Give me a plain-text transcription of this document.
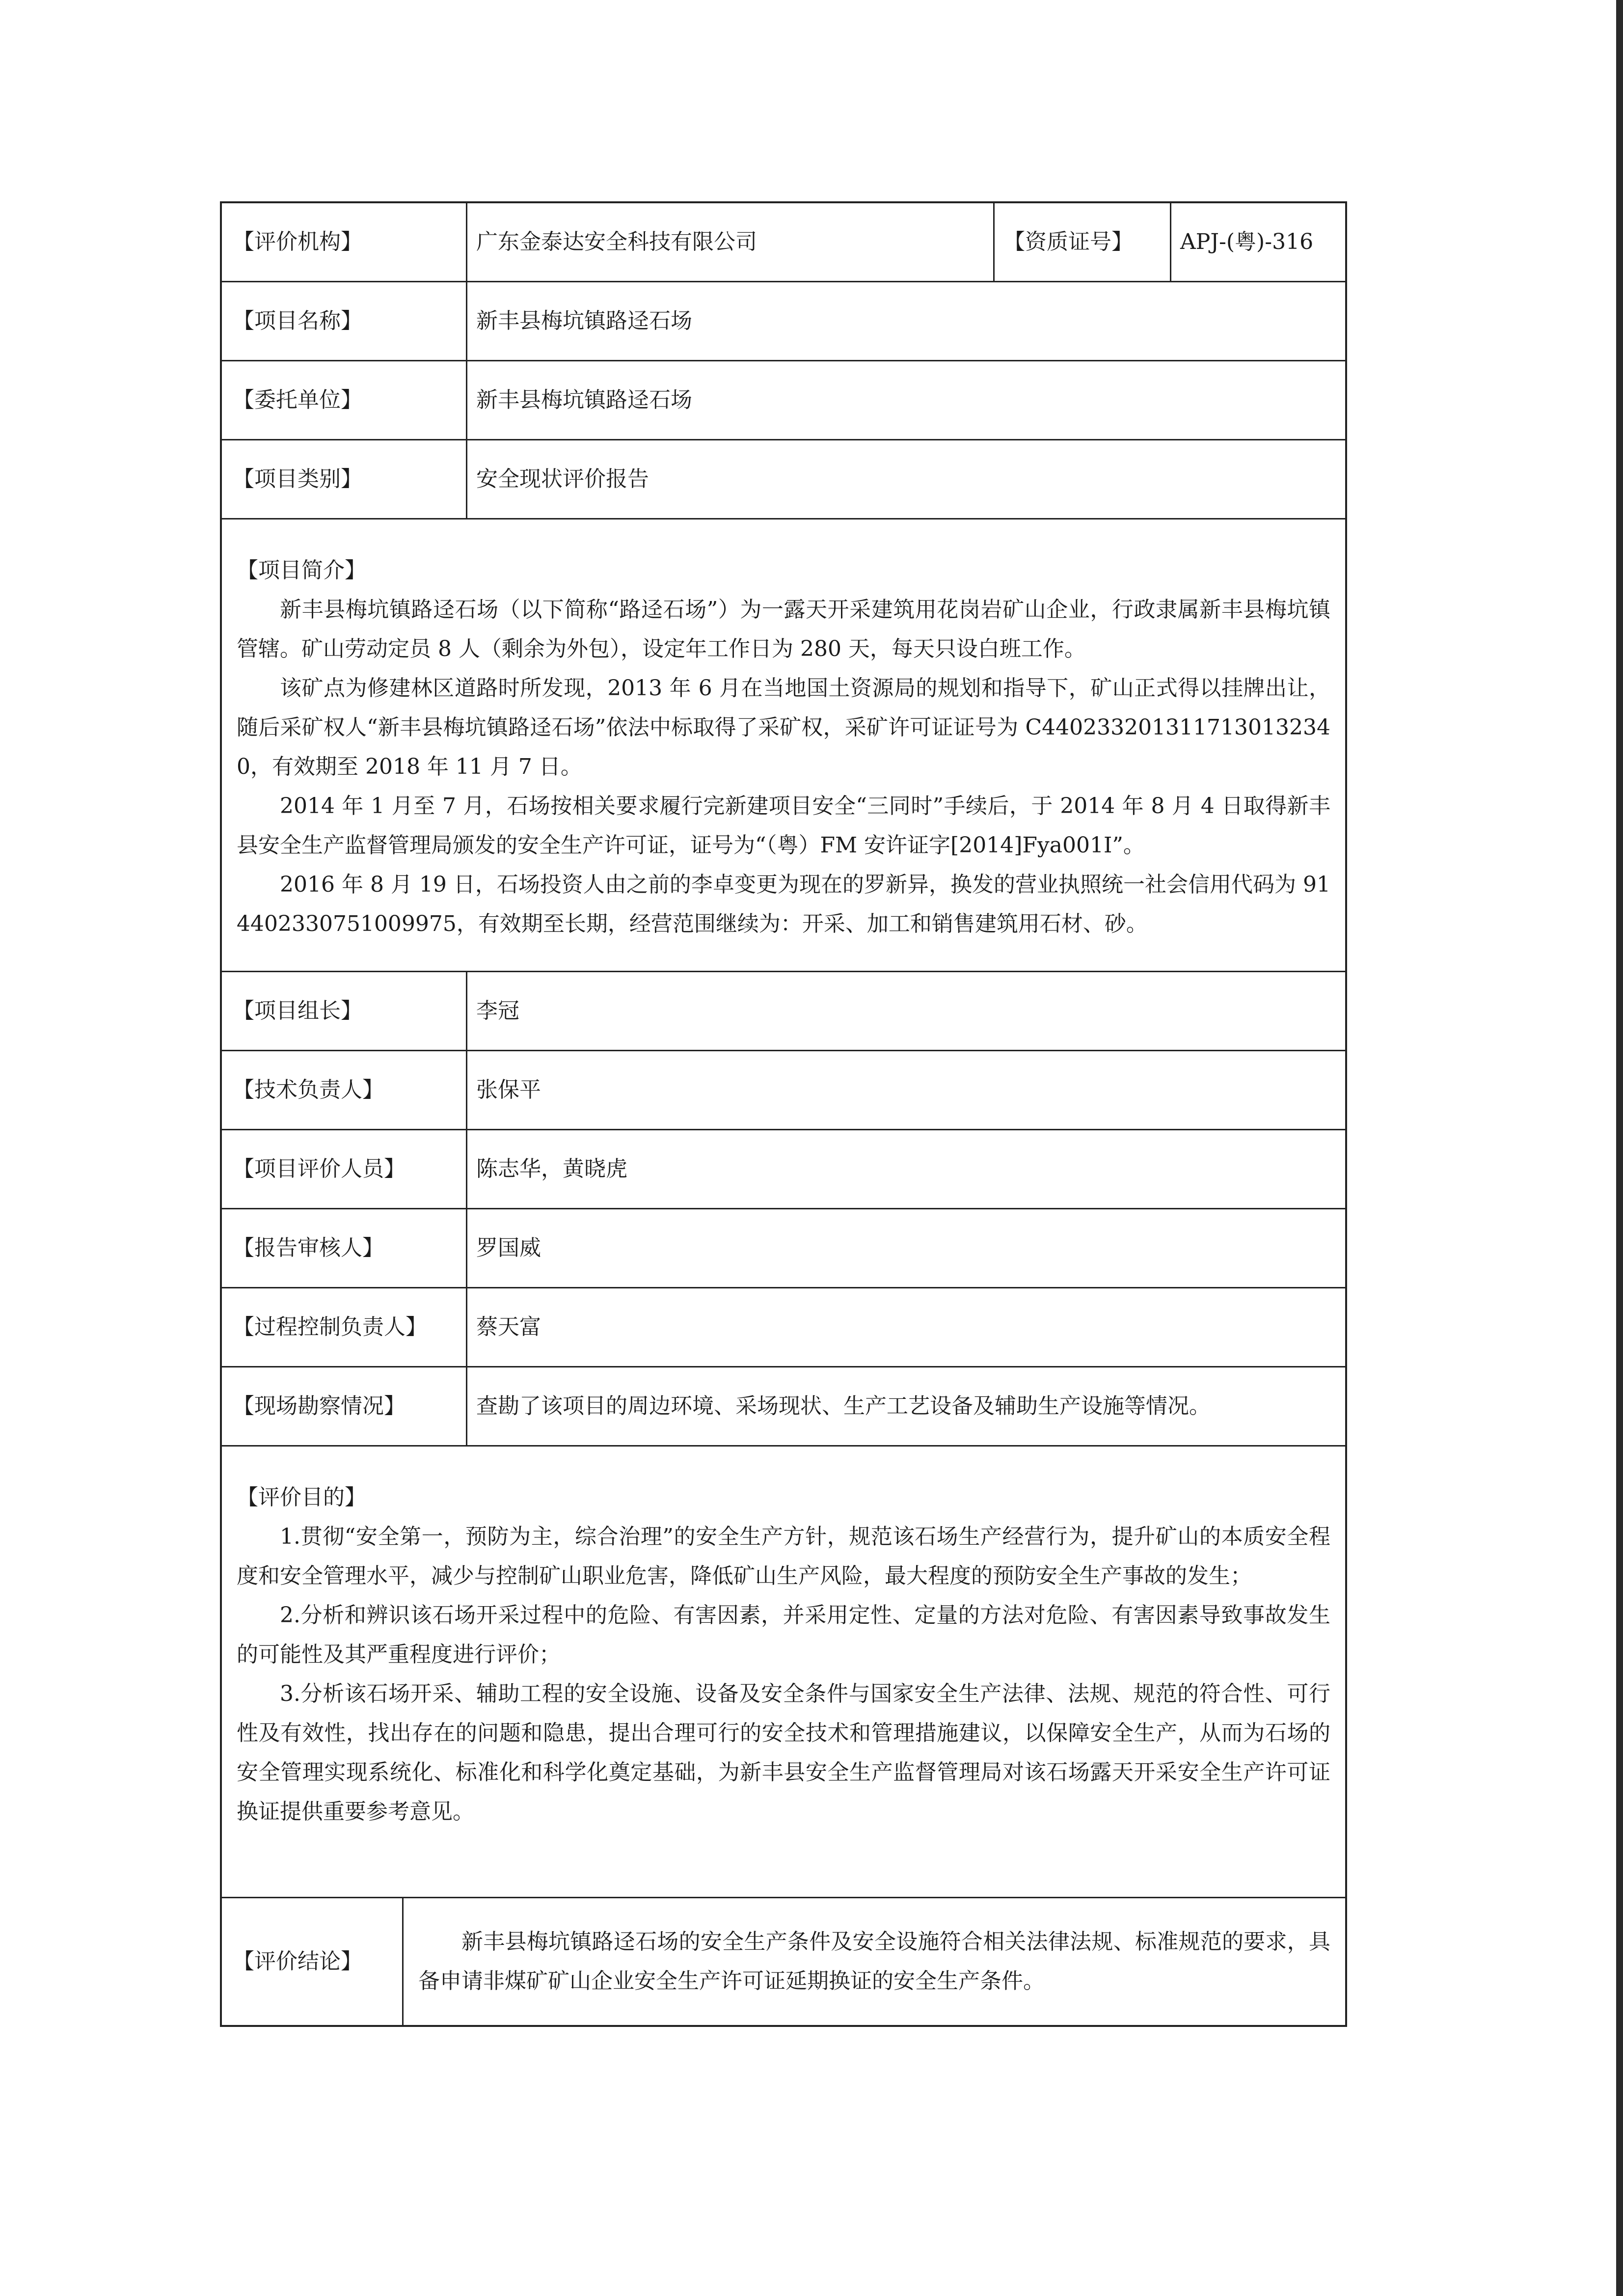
【评价机构】	广东金泰达安全科技有限公司	【资质证号】	APJ-(粤)-316
【项目名称】	新丰县梅坑镇路迳石场
【委托单位】	新丰县梅坑镇路迳石场
【项目类别】	安全现状评价报告
【项目简介】

新丰县梅坑镇路迳石场（以下简称“路迳石场”）为一露天开采建筑用花岗岩矿山企业，行政隶属新丰县梅坑镇管辖。矿山劳动定员 8 人（剩余为外包），设定年工作日为 280 天，每天只设白班工作。

该矿点为修建林区道路时所发现，2013 年 6 月在当地国土资源局的规划和指导下，矿山正式得以挂牌出让，随后采矿权人“新丰县梅坑镇路迳石场”依法中标取得了采矿权，采矿许可证证号为 C4402332013117130132340，有效期至 2018 年 11 月 7 日。

2014 年 1 月至 7 月，石场按相关要求履行完新建项目安全“三同时”手续后，于 2014 年 8 月 4 日取得新丰县安全生产监督管理局颁发的安全生产许可证，证号为“（粤）FM 安许证字[2014]Fya001I”。

2016 年 8 月 19 日，石场投资人由之前的李卓变更为现在的罗新异，换发的营业执照统一社会信用代码为 914402330751009975，有效期至长期，经营范围继续为：开采、加工和销售建筑用石材、砂。

【项目组长】	李冠
【技术负责人】	张保平
【项目评价人员】	陈志华，黄晓虎
【报告审核人】	罗国威
【过程控制负责人】	蔡天富
【现场勘察情况】	查勘了该项目的周边环境、采场现状、生产工艺设备及辅助生产设施等情况。
【评价目的】

1.贯彻“安全第一，预防为主，综合治理”的安全生产方针，规范该石场生产经营行为，提升矿山的本质安全程度和安全管理水平，减少与控制矿山职业危害，降低矿山生产风险，最大程度的预防安全生产事故的发生；

2.分析和辨识该石场开采过程中的危险、有害因素，并采用定性、定量的方法对危险、有害因素导致事故发生的可能性及其严重程度进行评价；

3.分析该石场开采、辅助工程的安全设施、设备及安全条件与国家安全生产法律、法规、规范的符合性、可行性及有效性，找出存在的问题和隐患，提出合理可行的安全技术和管理措施建议，以保障安全生产，从而为石场的安全管理实现系统化、标准化和科学化奠定基础，为新丰县安全生产监督管理局对该石场露天开采安全生产许可证换证提供重要参考意见。

【评价结论】
新丰县梅坑镇路迳石场的安全生产条件及安全设施符合相关法律法规、标准规范的要求，具备申请非煤矿矿山企业安全生产许可证延期换证的安全生产条件。
